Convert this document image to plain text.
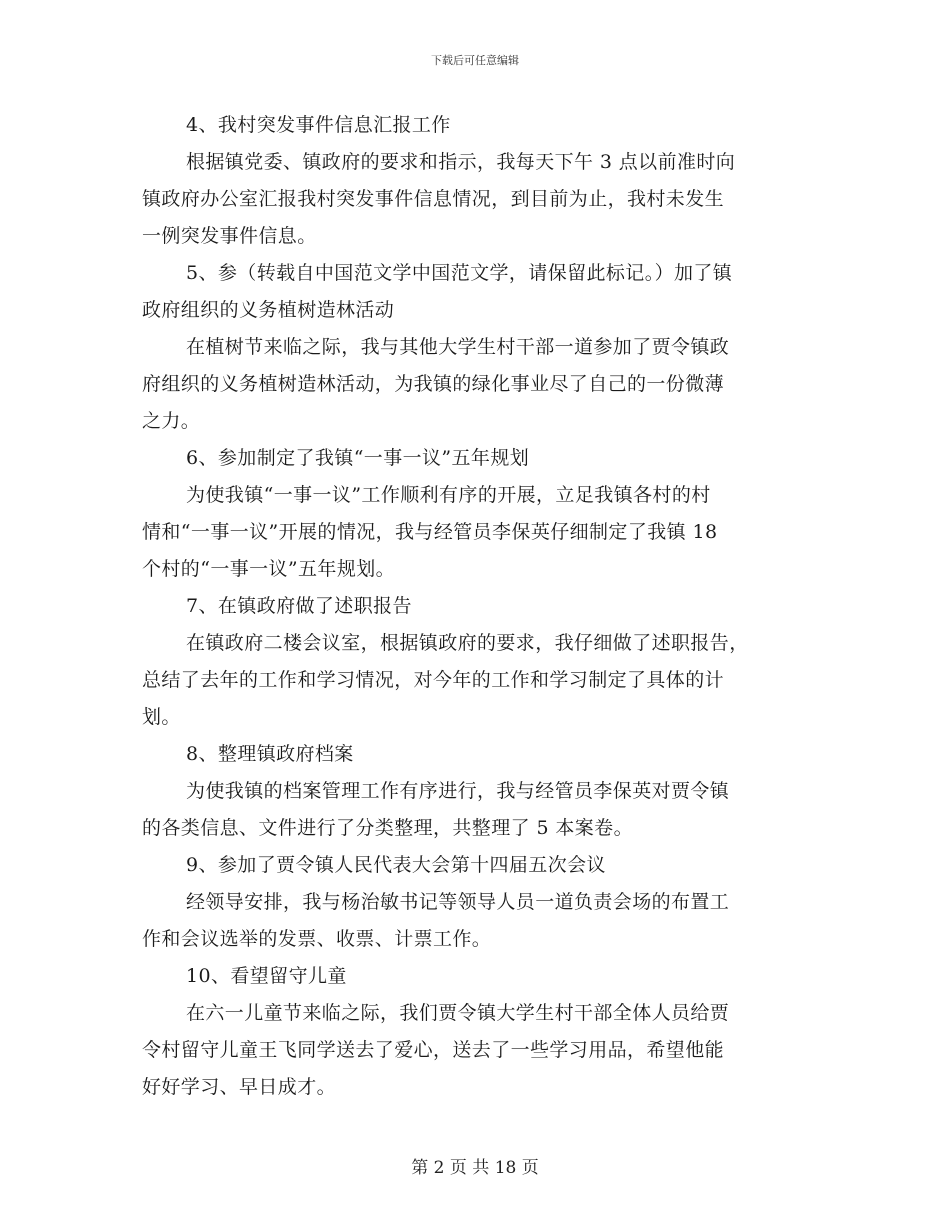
下载后可任意编辑
4、我村突发事件信息汇报工作
根据镇党委、镇政府的要求和指示，我每天下午 3 点以前准时向
镇政府办公室汇报我村突发事件信息情况，到目前为止，我村未发生
一例突发事件信息。
5、参（转载自中国范文学中国范文学，请保留此标记。）加了镇
政府组织的义务植树造林活动
在植树节来临之际，我与其他大学生村干部一道参加了贾令镇政
府组织的义务植树造林活动，为我镇的绿化事业尽了自己的一份微薄
之力。
6、参加制定了我镇“一事一议”五年规划
为使我镇“一事一议”工作顺利有序的开展，立足我镇各村的村
情和“一事一议”开展的情况，我与经管员李保英仔细制定了我镇 18
个村的“一事一议”五年规划。
7、在镇政府做了述职报告
在镇政府二楼会议室，根据镇政府的要求，我仔细做了述职报告，
总结了去年的工作和学习情况，对今年的工作和学习制定了具体的计
划。
8、整理镇政府档案
为使我镇的档案管理工作有序进行，我与经管员李保英对贾令镇
的各类信息、文件进行了分类整理，共整理了 5 本案卷。
9、参加了贾令镇人民代表大会第十四届五次会议
经领导安排，我与杨治敏书记等领导人员一道负责会场的布置工
作和会议选举的发票、收票、计票工作。
10、看望留守儿童
在六一儿童节来临之际，我们贾令镇大学生村干部全体人员给贾
令村留守儿童王飞同学送去了爱心，送去了一些学习用品，希望他能
好好学习、早日成才。
第 2 页 共 18 页
